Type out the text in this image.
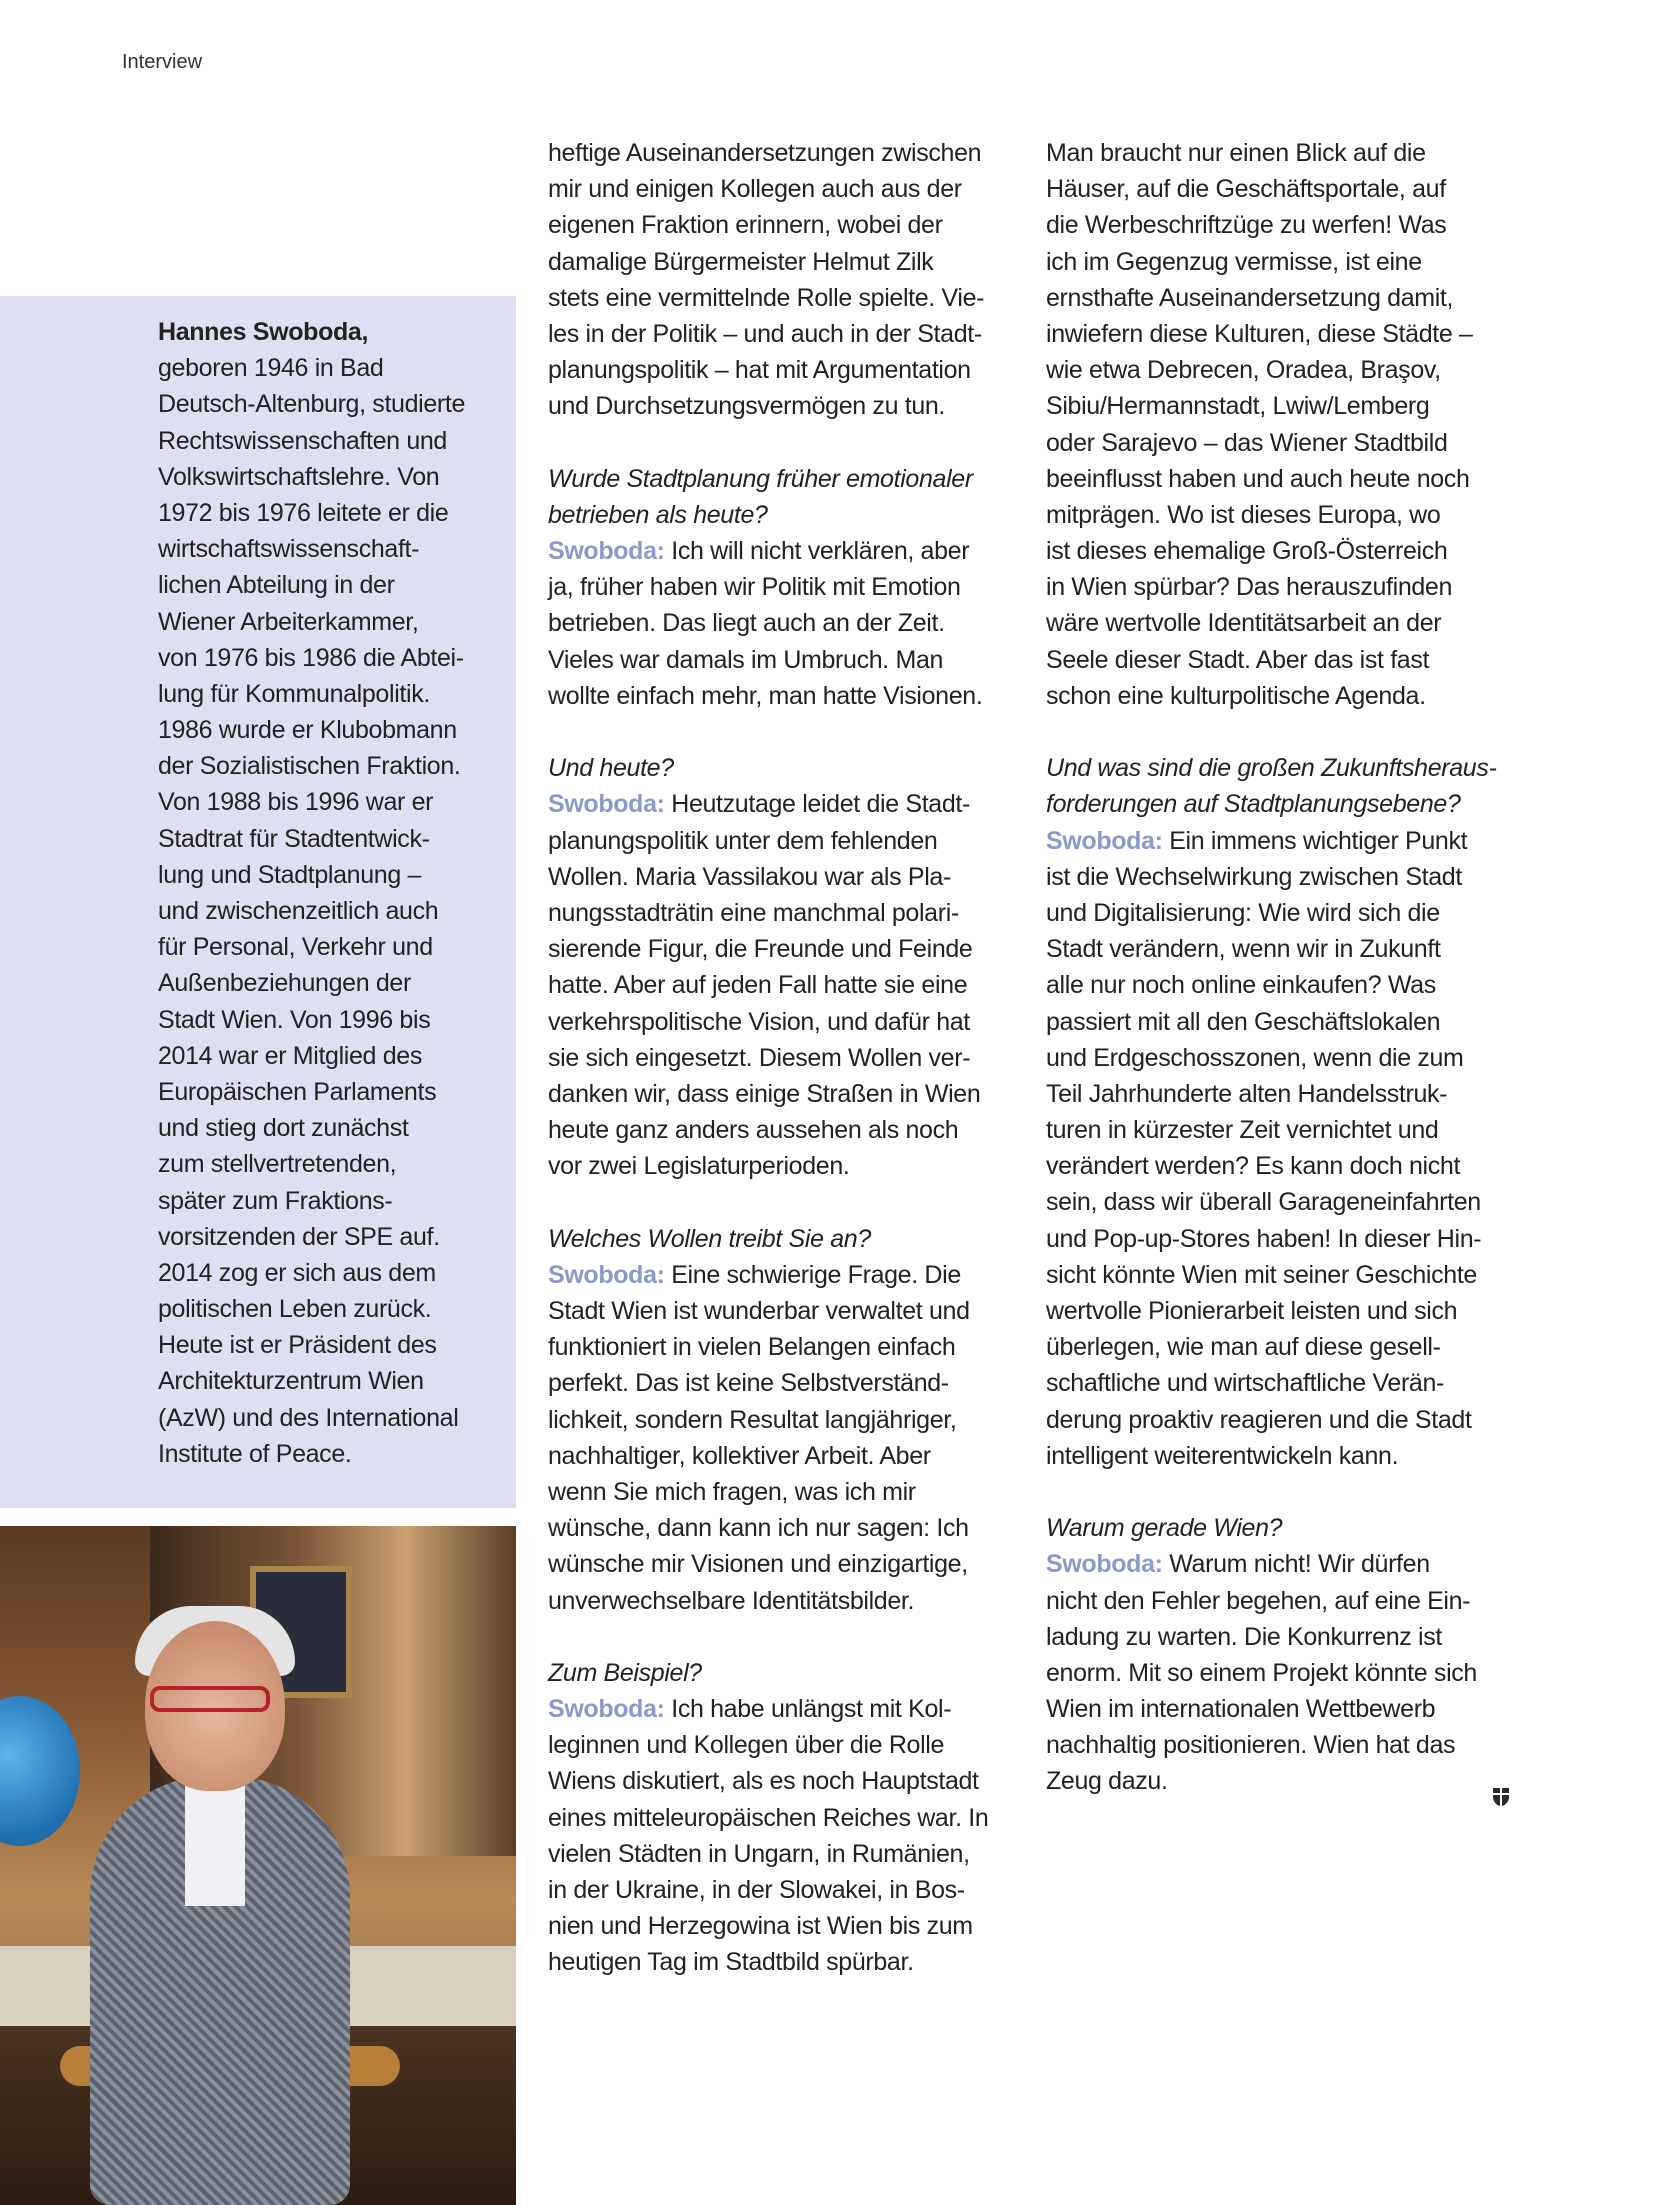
Interview
Hannes Swoboda,
geboren 1946 in Bad
Deutsch-Altenburg, studierte
Rechtswissenschaften und
Volkswirtschaftslehre. Von
1972 bis 1976 leitete er die
wirtschaftswissenschaft-
lichen Abteilung in der
Wiener Arbeiterkammer,
von 1976 bis 1986 die Abtei-
lung für Kommunalpolitik.
1986 wurde er Klubobmann
der Sozialistischen Fraktion.
Von 1988 bis 1996 war er
Stadtrat für Stadtentwick-
lung und Stadtplanung –
und zwischenzeitlich auch
für Personal, Verkehr und
Außenbeziehungen der
Stadt Wien. Von 1996 bis
2014 war er Mitglied des
Europäischen Parlaments
und stieg dort zunächst
zum stellvertretenden,
später zum Fraktions-
vorsitzenden der SPE auf.
2014 zog er sich aus dem
politischen Leben zurück.
Heute ist er Präsident des
Architekturzentrum Wien
(AzW) und des International
Institute of Peace.
heftige Auseinandersetzungen zwischen
mir und einigen Kollegen auch aus der
eigenen Fraktion erinnern, wobei der
damalige Bürgermeister Helmut Zilk
stets eine vermittelnde Rolle spielte. Vie-
les in der Politik – und auch in der Stadt-
planungspolitik – hat mit Argumentation
und Durchsetzungsvermögen zu tun.
Wurde Stadtplanung früher emotionaler
betrieben als heute?
Swoboda: Ich will nicht verklären, aber
ja, früher haben wir Politik mit Emotion
betrieben. Das liegt auch an der Zeit.
Vieles war damals im Umbruch. Man
wollte einfach mehr, man hatte Visionen.
Und heute?
Swoboda: Heutzutage leidet die Stadt-
planungspolitik unter dem fehlenden
Wollen. Maria Vassilakou war als Pla-
nungsstadträtin eine manchmal polari-
sierende Figur, die Freunde und Feinde
hatte. Aber auf jeden Fall hatte sie eine
verkehrspolitische Vision, und dafür hat
sie sich eingesetzt. Diesem Wollen ver-
danken wir, dass einige Straßen in Wien
heute ganz anders aussehen als noch
vor zwei Legislaturperioden.
Welches Wollen treibt Sie an?
Swoboda: Eine schwierige Frage. Die
Stadt Wien ist wunderbar verwaltet und
funktioniert in vielen Belangen einfach
perfekt. Das ist keine Selbstverständ-
lichkeit, sondern Resultat langjähriger,
nachhaltiger, kollektiver Arbeit. Aber
wenn Sie mich fragen, was ich mir
wünsche, dann kann ich nur sagen: Ich
wünsche mir Visionen und einzigartige,
unverwechselbare Identitätsbilder.
Zum Beispiel?
Swoboda: Ich habe unlängst mit Kol-
leginnen und Kollegen über die Rolle
Wiens diskutiert, als es noch Hauptstadt
eines mitteleuropäischen Reiches war. In
vielen Städten in Ungarn, in Rumänien,
in der Ukraine, in der Slowakei, in Bos-
nien und Herzegowina ist Wien bis zum
heutigen Tag im Stadtbild spürbar.
Man braucht nur einen Blick auf die
Häuser, auf die Geschäftsportale, auf
die Werbeschriftzüge zu werfen! Was
ich im Gegenzug vermisse, ist eine
ernsthafte Auseinandersetzung damit,
inwiefern diese Kulturen, diese Städte –
wie etwa Debrecen, Oradea, Braşov,
Sibiu/Hermannstadt, Lwiw/Lemberg
oder Sarajevo – das Wiener Stadtbild
beeinflusst haben und auch heute noch
mitprägen. Wo ist dieses Europa, wo
ist dieses ehemalige Groß-Österreich
in Wien spürbar? Das herauszufinden
wäre wertvolle Identitätsarbeit an der
Seele dieser Stadt. Aber das ist fast
schon eine kulturpolitische Agenda.
Und was sind die großen Zukunftsheraus-
forderungen auf Stadtplanungsebene?
Swoboda: Ein immens wichtiger Punkt
ist die Wechselwirkung zwischen Stadt
und Digitalisierung: Wie wird sich die
Stadt verändern, wenn wir in Zukunft
alle nur noch online einkaufen? Was
passiert mit all den Geschäftslokalen
und Erdgeschosszonen, wenn die zum
Teil Jahrhunderte alten Handelsstruk-
turen in kürzester Zeit vernichtet und
verändert werden? Es kann doch nicht
sein, dass wir überall Garageneinfahrten
und Pop-up-Stores haben! In dieser Hin-
sicht könnte Wien mit seiner Geschichte
wertvolle Pionierarbeit leisten und sich
überlegen, wie man auf diese gesell-
schaftliche und wirtschaftliche Verän-
derung proaktiv reagieren und die Stadt
intelligent weiterentwickeln kann.
Warum gerade Wien?
Swoboda: Warum nicht! Wir dürfen
nicht den Fehler begehen, auf eine Ein-
ladung zu warten. Die Konkurrenz ist
enorm. Mit so einem Projekt könnte sich
Wien im internationalen Wettbewerb
nachhaltig positionieren. Wien hat das
Zeug dazu.
